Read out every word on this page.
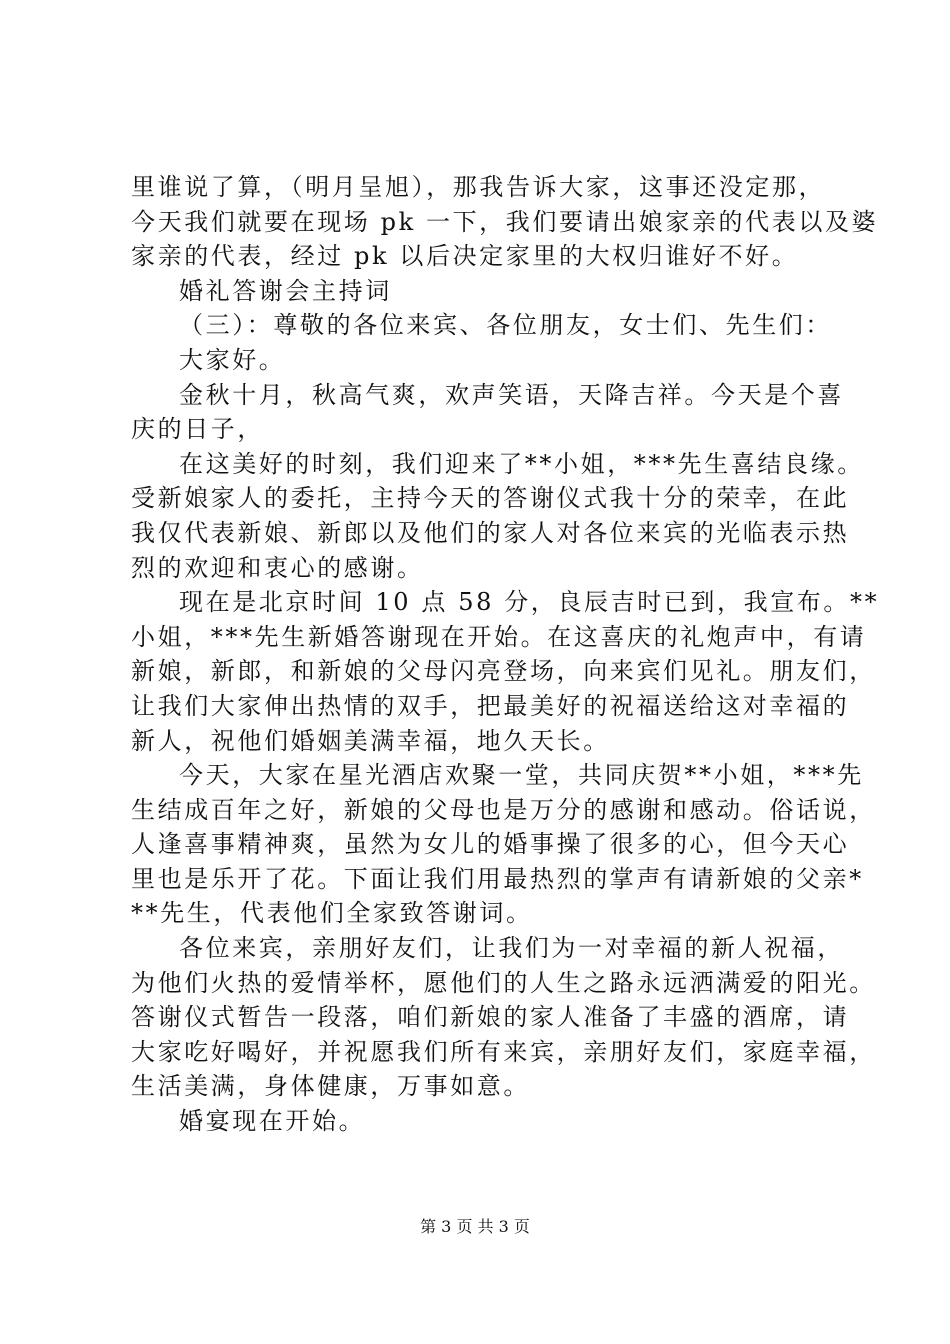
里谁说了算，（明月呈旭），那我告诉大家，这事还没定那，
今天我们就要在现场 pk 一下，我们要请出娘家亲的代表以及婆
家亲的代表，经过 pk 以后决定家里的大权归谁好不好。
婚礼答谢会主持词
（三）：尊敬的各位来宾、各位朋友，女士们、先生们：
大家好。
金秋十月，秋高气爽，欢声笑语，天降吉祥。今天是个喜
庆的日子，
在这美好的时刻，我们迎来了**小姐，***先生喜结良缘。
受新娘家人的委托，主持今天的答谢仪式我十分的荣幸，在此
我仅代表新娘、新郎以及他们的家人对各位来宾的光临表示热
烈的欢迎和衷心的感谢。
现在是北京时间 10 点 58 分，良辰吉时已到，我宣布。**
小姐，***先生新婚答谢现在开始。在这喜庆的礼炮声中，有请
新娘，新郎，和新娘的父母闪亮登场，向来宾们见礼。朋友们，
让我们大家伸出热情的双手，把最美好的祝福送给这对幸福的
新人，祝他们婚姻美满幸福，地久天长。
今天，大家在星光酒店欢聚一堂，共同庆贺**小姐，***先
生结成百年之好，新娘的父母也是万分的感谢和感动。俗话说，
人逢喜事精神爽，虽然为女儿的婚事操了很多的心，但今天心
里也是乐开了花。下面让我们用最热烈的掌声有请新娘的父亲*
**先生，代表他们全家致答谢词。
各位来宾，亲朋好友们，让我们为一对幸福的新人祝福，
为他们火热的爱情举杯，愿他们的人生之路永远洒满爱的阳光。
答谢仪式暂告一段落，咱们新娘的家人准备了丰盛的酒席，请
大家吃好喝好，并祝愿我们所有来宾，亲朋好友们，家庭幸福，
生活美满，身体健康，万事如意。
婚宴现在开始。
第 3 页 共 3 页
